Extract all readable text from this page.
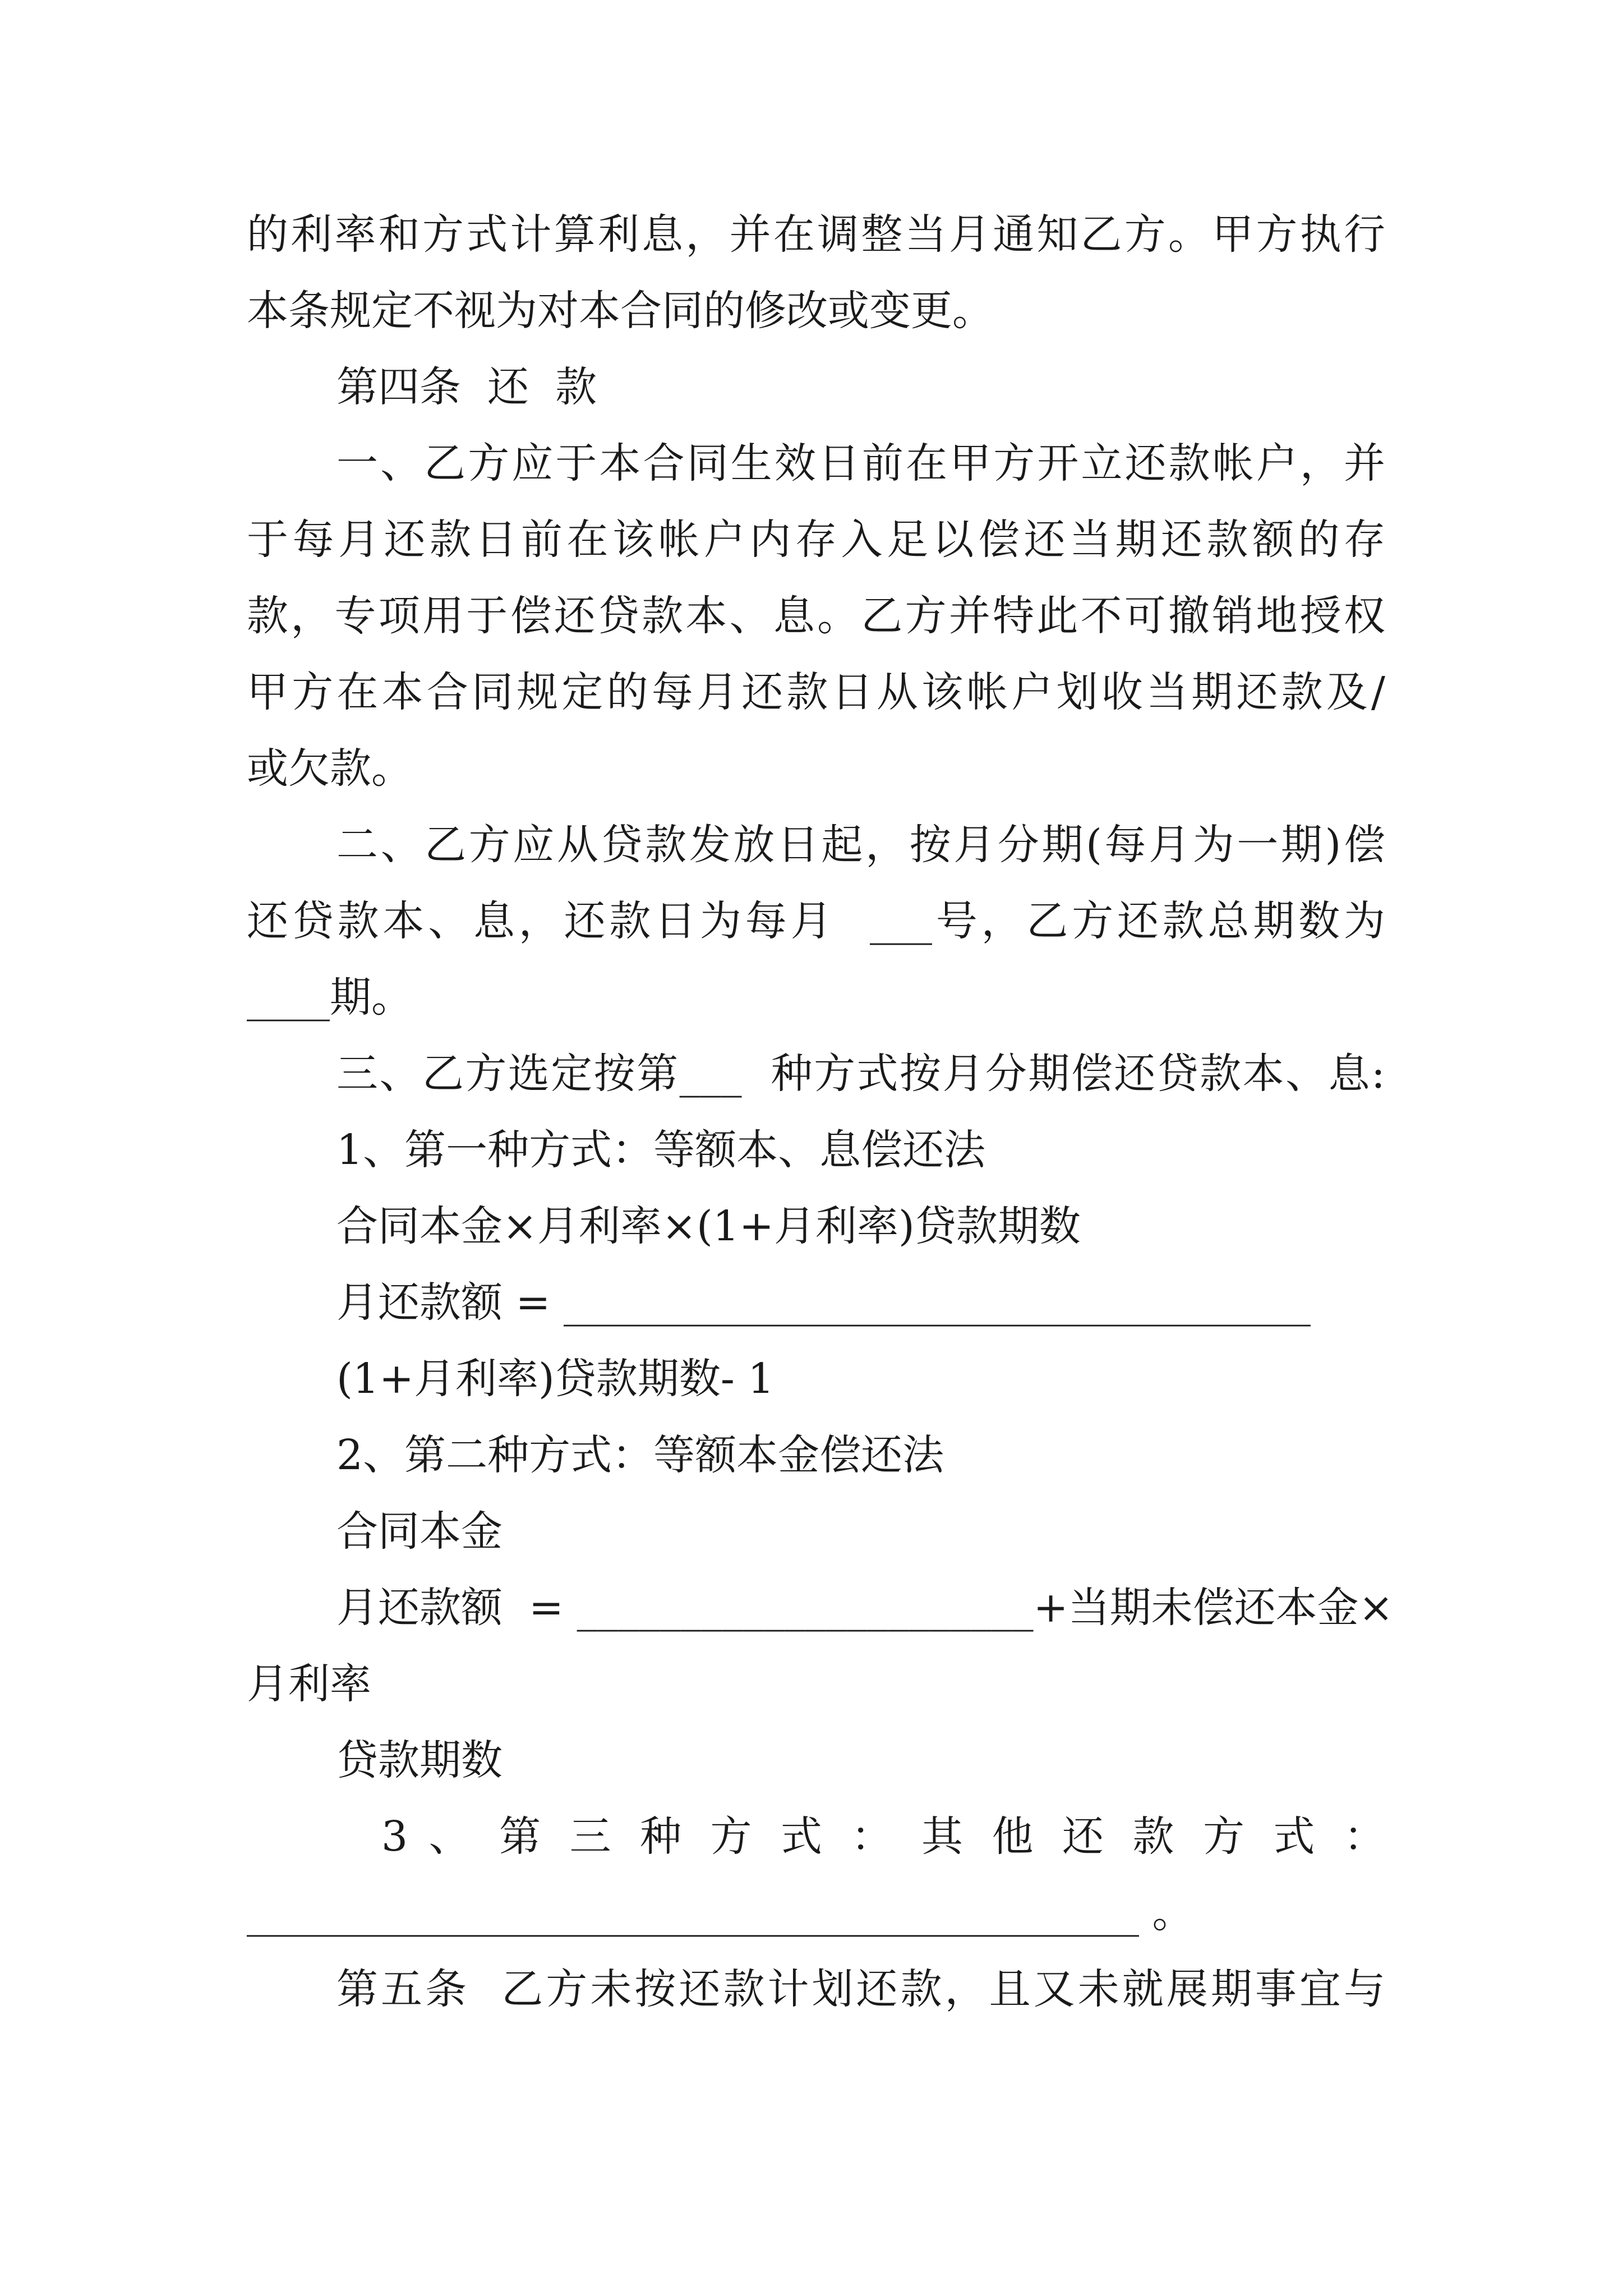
的利率和方式计算利息，并在调整当月通知乙方。甲方执行

本条规定不视为对本合同的修改或变更。

第四条  还  款

一、乙方应于本合同生效日前在甲方开立还款帐户，并

于每月还款日前在该帐户内存入足以偿还当期还款额的存

款，专项用于偿还贷款本、息。乙方并特此不可撤销地授权

甲方在本合同规定的每月还款日从该帐户划收当期还款及/

或欠款。

二、乙方应从贷款发放日起，按月分期(每月为一期)偿

还贷款本、息，还款日为每月  ___号，乙方还款总期数为

____期。

三、乙方选定按第___  种方式按月分期偿还贷款本、息:

1、第一种方式：等额本、息偿还法

合同本金×月利率×(1+月利率)贷款期数

月还款额 = ____________________________________

(1+月利率)贷款期数- 1

2、第二种方式：等额本金偿还法

合同本金

月还款额  = ______________________+当期未偿还本金×

月利率

贷款期数

3 、 第 三 种 方 式 ： 其 他 还 款 方 式 ：

___________________________________________ 。

第五条  乙方未按还款计划还款，且又未就展期事宜与
